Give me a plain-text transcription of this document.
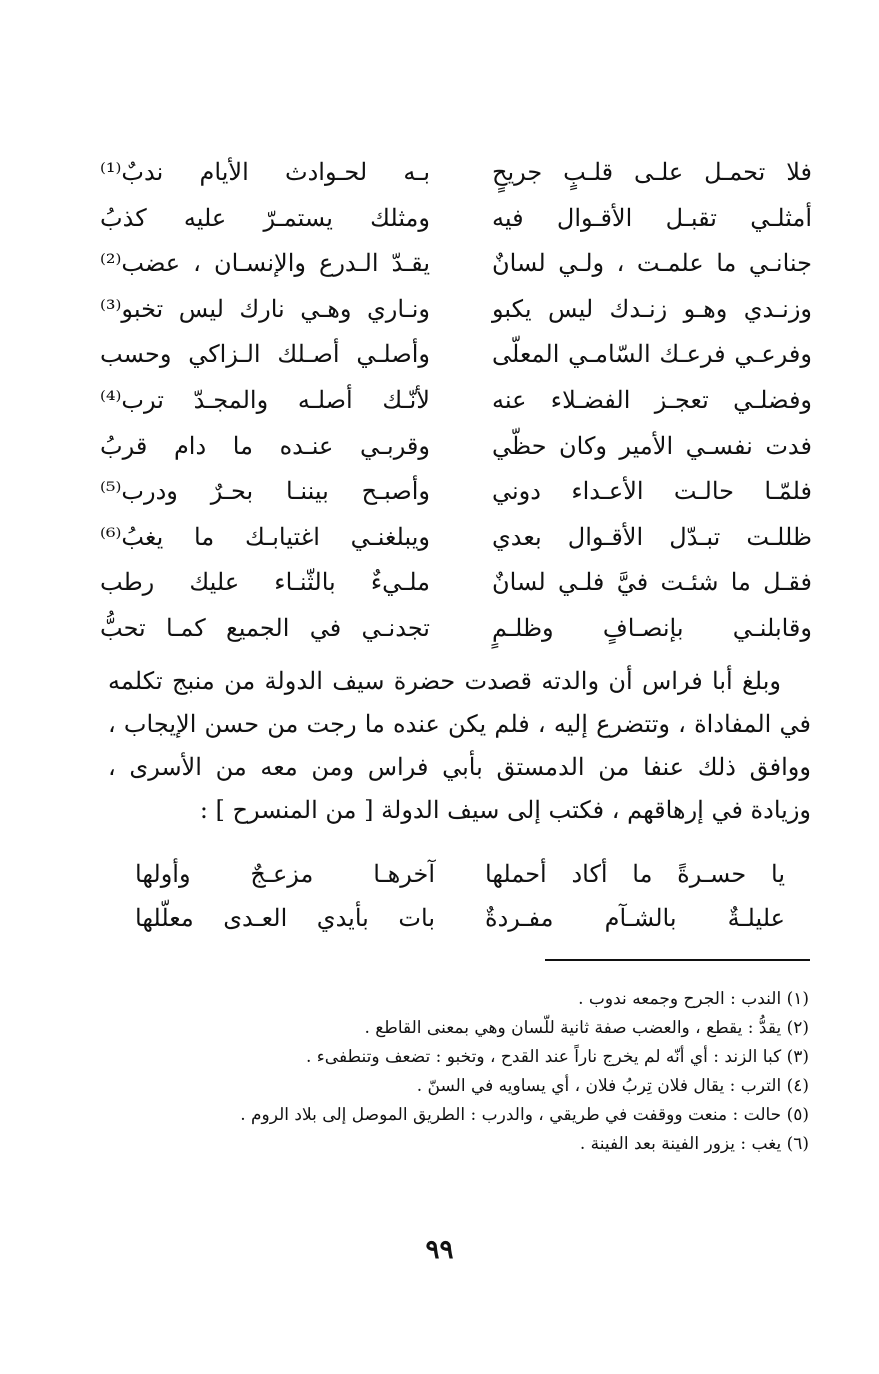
فلا تحمـل علـى قلـبٍ جريحٍ
بـه لحـوادث الأيام ندبٌ⁽¹⁾
أمثلـي تقبـل الأقـوال فيه
ومثلك يستمـرّ عليه كذبُ
جنانـي ما علمـت ، ولـي لسانٌ
يقـدّ الـدرع والإنسـان ، عضب⁽²⁾
وزنـدي وهـو زنـدك ليس يكبو
ونـاري وهـي نارك ليس تخبو⁽³⁾
وفرعـي فرعـك السّامـي المعلّى
وأصلـي أصـلك الـزاكي وحسب
وفضلـي تعجـز الفضـلاء عنه
لأنّـك أصلـه والمجـدّ ترب⁽⁴⁾
فدت نفسـي الأمير وكان حظّي
وقربـي عنـده ما دام قربُ
فلمّـا حالـت الأعـداء دوني
وأصبـح بيننـا بحـرٌ ودرب⁽⁵⁾
ظللـت تبـدّل الأقـوال بعدي
ويبلغنـي اغتيابـك ما يغبُ⁽⁶⁾
فقـل ما شئـت فيَّ فلـي لسانٌ
ملـيءٌ بالثّنـاء عليك رطب
وقابلنـي بإنصـافٍ وظلـمٍ
تجدنـي في الجميع كمـا تحبُّ

وبلغ أبا فراس أن والدته قصدت حضرة سيف الدولة من منبج تكلمه في المفاداة ، وتتضرع إليه ، فلم يكن عنده ما رجت من حسن الإيجاب ، ووافق ذلك عنفا من الدمستق بأبي فراس ومن معه من الأسرى ، وزيادة في إرهاقهم ، فكتب إلى سيف الدولة [ من المنسرح ] :

يا حسـرةً ما أكاد أحملها
آخرهـا مزعـجٌ وأولها
عليلـةٌ بالشـآم مفـردةٌ
بات بأيدي العـدى معلّلها
(١) الندب : الجرح وجمعه ندوب .
(٢) يقدُّ : يقطع ، والعضب صفة ثانية للّسان وهي بمعنى القاطع .
(٣) كبا الزند : أي أنّه لم يخرج ناراً عند القدح ، وتخبو : تضعف وتنطفىء .
(٤) الترب : يقال فلان تِربُ فلان ، أي يساويه في السنّ .
(٥) حالت : منعت ووقفت في طريقي ، والدرب : الطريق الموصل إلى بلاد الروم .
(٦) يغب : يزور الفينة بعد الفينة .
٩٩
